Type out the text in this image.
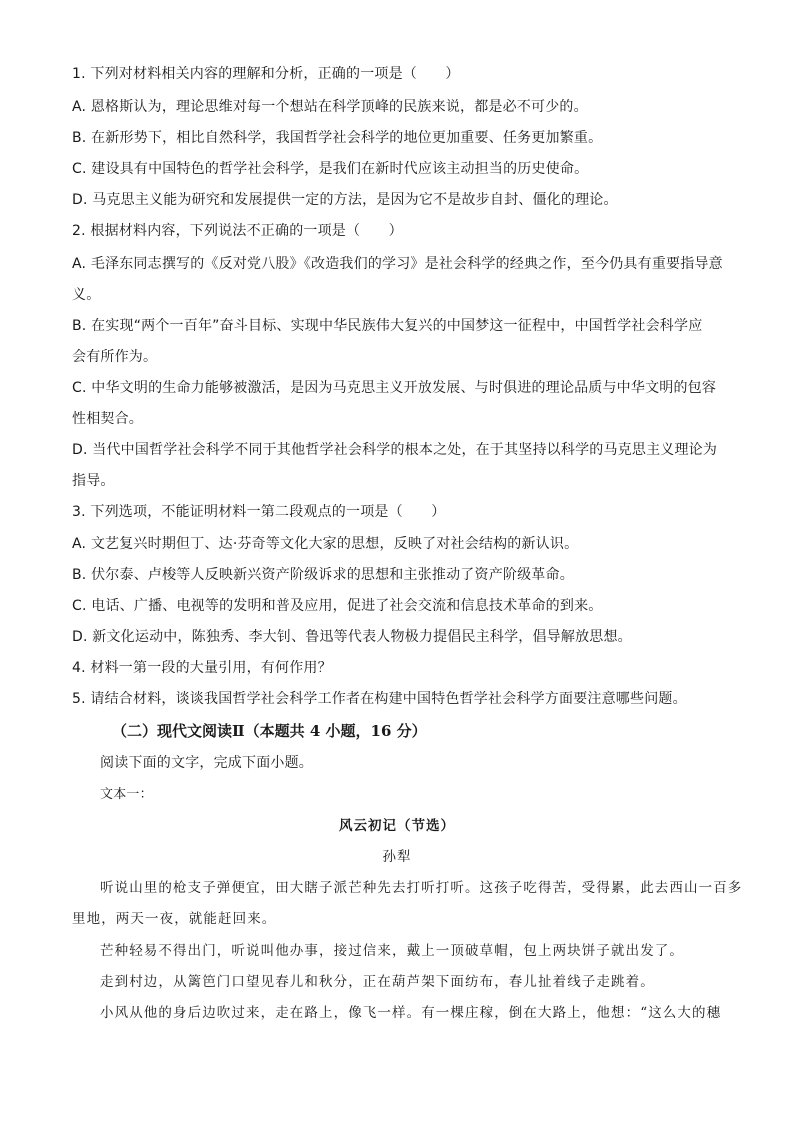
1. 下列对材料相关内容的理解和分析，正确的一项是（　　）
A. 恩格斯认为，理论思维对每一个想站在科学顶峰的民族来说，都是必不可少的。
B. 在新形势下，相比自然科学，我国哲学社会科学的地位更加重要、任务更加繁重。
C. 建设具有中国特色的哲学社会科学，是我们在新时代应该主动担当的历史使命。
D. 马克思主义能为研究和发展提供一定的方法，是因为它不是故步自封、僵化的理论。
2. 根据材料内容，下列说法不正确的一项是（　　）
A. 毛泽东同志撰写的《反对党八股》《改造我们的学习》是社会科学的经典之作，至今仍具有重要指导意
义。
B. 在实现“两个一百年”奋斗目标、实现中华民族伟大复兴的中国梦这一征程中，中国哲学社会科学应
会有所作为。
C. 中华文明的生命力能够被激活，是因为马克思主义开放发展、与时俱进的理论品质与中华文明的包容
性相契合。
D. 当代中国哲学社会科学不同于其他哲学社会科学的根本之处，在于其坚持以科学的马克思主义理论为
指导。
3. 下列选项，不能证明材料一第二段观点的一项是（　　）
A. 文艺复兴时期但丁、达·芬奇等文化大家的思想，反映了对社会结构的新认识。
B. 伏尔泰、卢梭等人反映新兴资产阶级诉求的思想和主张推动了资产阶级革命。
C. 电话、广播、电视等的发明和普及应用，促进了社会交流和信息技术革命的到来。
D. 新文化运动中，陈独秀、李大钊、鲁迅等代表人物极力提倡民主科学，倡导解放思想。
4. 材料一第一段的大量引用，有何作用？
5. 请结合材料，谈谈我国哲学社会科学工作者在构建中国特色哲学社会科学方面要注意哪些问题。
（二）现代文阅读Ⅱ（本题共 4 小题，16 分）
阅读下面的文字，完成下面小题。
文本一：
风云初记（节选）
孙犁
听说山里的枪支子弹便宜，田大瞎子派芒种先去打听打听。这孩子吃得苦，受得累，此去西山一百多
里地，两天一夜，就能赶回来。
芒种轻易不得出门，听说叫他办事，接过信来，戴上一顶破草帽，包上两块饼子就出发了。
走到村边，从篱笆门口望见春儿和秋分，正在葫芦架下面纺布，春儿扯着线子走跳着。
小风从他的身后边吹过来，走在路上，像飞一样。有一棵庄稼，倒在大路上，他想：“这么大的穗
